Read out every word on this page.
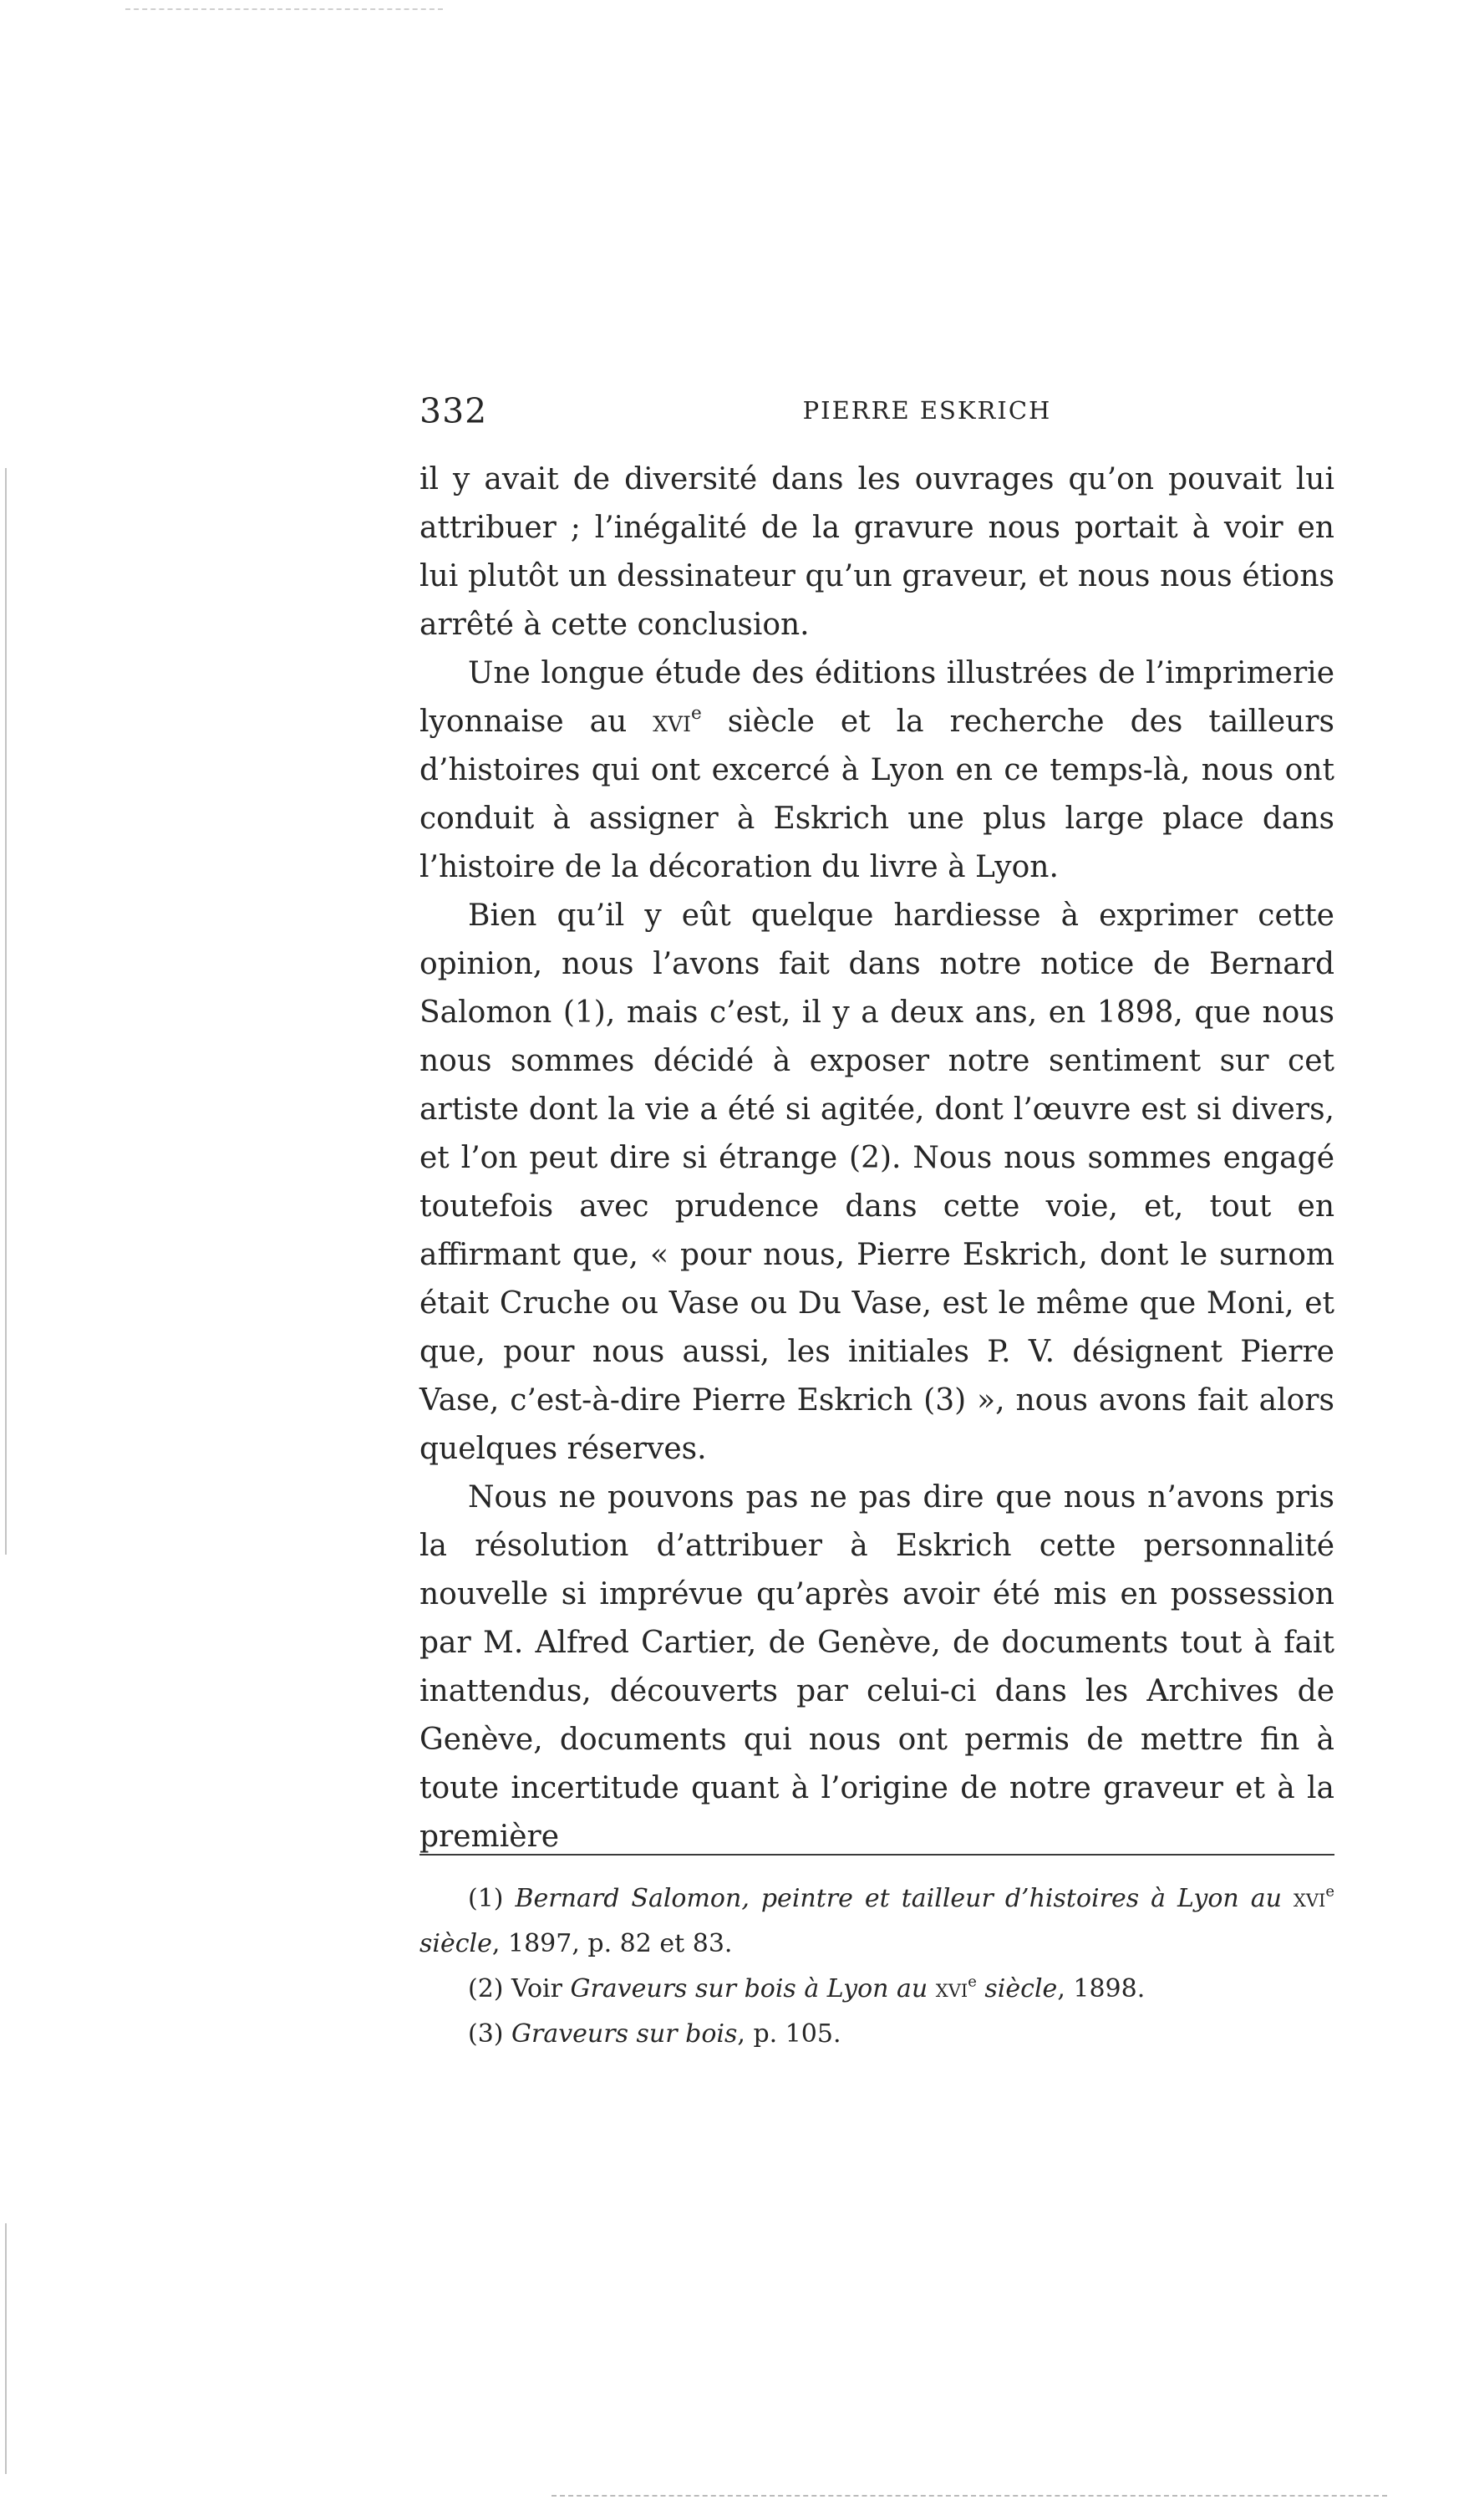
332	PIERRE ESKRICH

il y avait de diversité dans les ouvrages qu’on pouvait lui attribuer ; l’inégalité de la gravure nous portait à voir en lui plutôt un dessinateur qu’un graveur, et nous nous étions arrêté à cette conclusion.

Une longue étude des éditions illustrées de l’imprimerie lyonnaise au xvi$^e$ siècle et la recherche des tailleurs d’histoires qui ont excercé à Lyon en ce temps-là, nous ont conduit à assigner à Eskrich une plus large place dans l’histoire de la décoration du livre à Lyon.

Bien qu’il y eût quelque hardiesse à exprimer cette opinion, nous l’avons fait dans notre notice de Bernard Salomon (1), mais c’est, il y a deux ans, en 1898, que nous nous sommes décidé à exposer notre sentiment sur cet artiste dont la vie a été si agitée, dont l’œuvre est si divers, et l’on peut dire si étrange (2). Nous nous sommes engagé toutefois avec prudence dans cette voie, et, tout en affirmant que, « pour nous, Pierre Eskrich, dont le surnom était Cruche ou Vase ou Du Vase, est le même que Moni, et que, pour nous aussi, les initiales P. V. désignent Pierre Vase, c’est-à-dire Pierre Eskrich (3) », nous avons fait alors quelques réserves.

Nous ne pouvons pas ne pas dire que nous n’avons pris la résolution d’attribuer à Eskrich cette personnalité nouvelle si imprévue qu’après avoir été mis en possession par M. Alfred Cartier, de Genève, de documents tout à fait inattendus, découverts par celui-ci dans les Archives de Genève, documents qui nous ont permis de mettre fin à toute incertitude quant à l’origine de notre graveur et à la première

(1) Bernard Salomon, peintre et tailleur d’histoires à Lyon au xvi$^e$ siècle, 1897, p. 82 et 83.

(2) Voir Graveurs sur bois à Lyon au xvi$^e$ siècle, 1898.

(3) Graveurs sur bois, p. 105.
